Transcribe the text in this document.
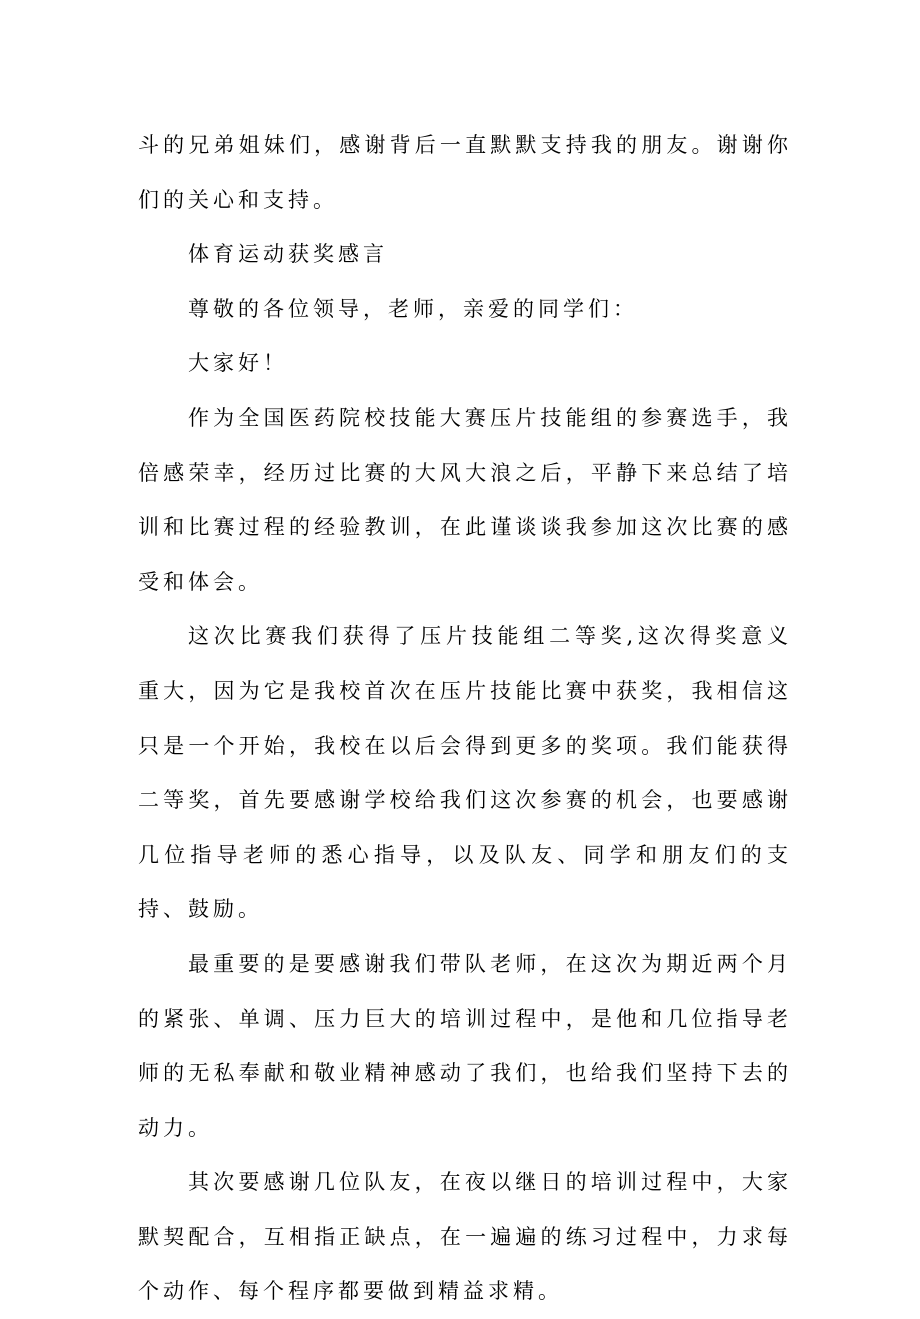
斗的兄弟姐妹们，感谢背后一直默默支持我的朋友。谢谢你们的关心和支持。

体育运动获奖感言

尊敬的各位领导，老师，亲爱的同学们：

大家好！

作为全国医药院校技能大赛压片技能组的参赛选手，我倍感荣幸，经历过比赛的大风大浪之后，平静下来总结了培训和比赛过程的经验教训，在此谨谈谈我参加这次比赛的感受和体会。

这次比赛我们获得了压片技能组二等奖,这次得奖意义重大，因为它是我校首次在压片技能比赛中获奖，我相信这只是一个开始，我校在以后会得到更多的奖项。我们能获得二等奖，首先要感谢学校给我们这次参赛的机会，也要感谢几位指导老师的悉心指导，以及队友、同学和朋友们的支持、鼓励。

最重要的是要感谢我们带队老师，在这次为期近两个月的紧张、单调、压力巨大的培训过程中，是他和几位指导老师的无私奉献和敬业精神感动了我们，也给我们坚持下去的动力。

其次要感谢几位队友，在夜以继日的培训过程中，大家默契配合，互相指正缺点，在一遍遍的练习过程中，力求每个动作、每个程序都要做到精益求精。
